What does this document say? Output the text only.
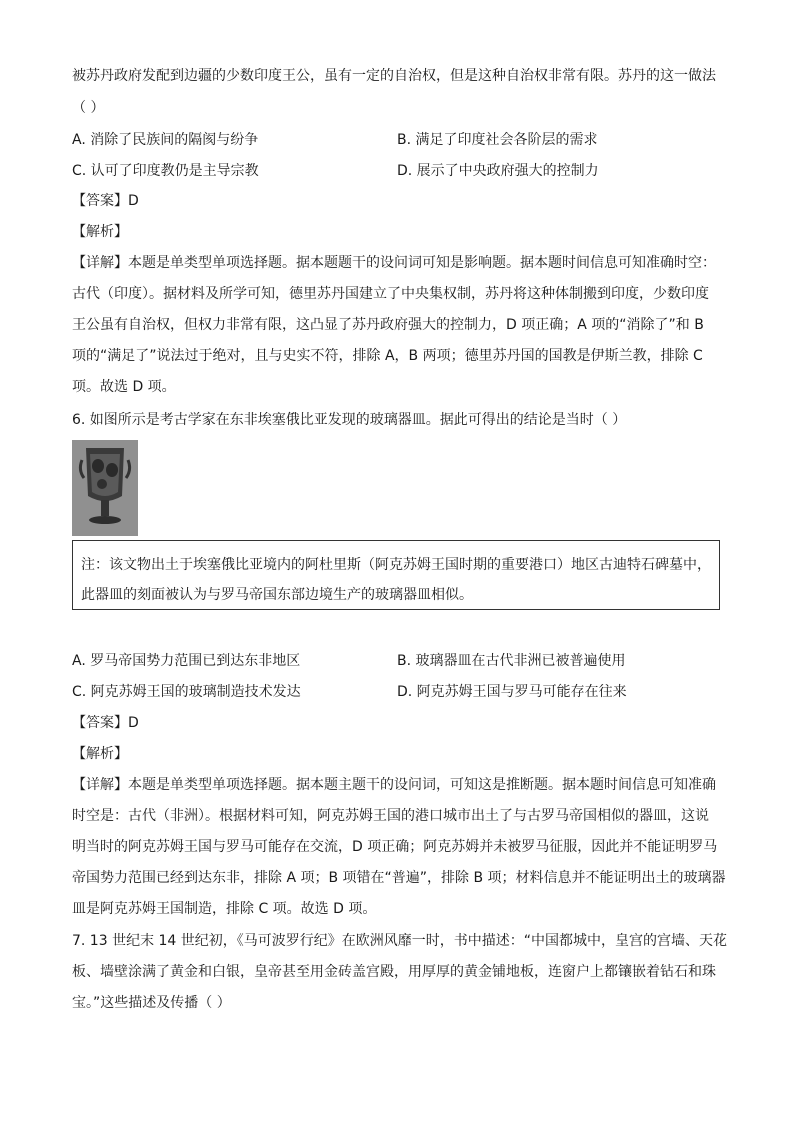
被苏丹政府发配到边疆的少数印度王公，虽有一定的自治权，但是这种自治权非常有限。苏丹的这一做法
（ ）
A. 消除了民族间的隔阂与纷争	B. 满足了印度社会各阶层的需求
C. 认可了印度教仍是主导宗教	D. 展示了中央政府强大的控制力
【答案】D
【解析】
【详解】本题是单类型单项选择题。据本题题干的设问词可知是影响题。据本题时间信息可知准确时空：
古代（印度）。据材料及所学可知，德里苏丹国建立了中央集权制，苏丹将这种体制搬到印度，少数印度
王公虽有自治权，但权力非常有限，这凸显了苏丹政府强大的控制力，D 项正确；A 项的“消除了”和 B
项的“满足了”说法过于绝对，且与史实不符，排除 A，B 两项；德里苏丹国的国教是伊斯兰教，排除 C
项。故选 D 项。
6. 如图所示是考古学家在东非埃塞俄比亚发现的玻璃器皿。据此可得出的结论是当时（ ）
注：该文物出土于埃塞俄比亚境内的阿杜里斯（阿克苏姆王国时期的重要港口）地区古迪特石碑墓中，
此器皿的刻面被认为与罗马帝国东部边境生产的玻璃器皿相似。
A. 罗马帝国势力范围已到达东非地区	B. 玻璃器皿在古代非洲已被普遍使用
C. 阿克苏姆王国的玻璃制造技术发达	D. 阿克苏姆王国与罗马可能存在往来
【答案】D
【解析】
【详解】本题是单类型单项选择题。据本题主题干的设问词，可知这是推断题。据本题时间信息可知准确
时空是：古代（非洲）。根据材料可知，阿克苏姆王国的港口城市出土了与古罗马帝国相似的器皿，这说
明当时的阿克苏姆王国与罗马可能存在交流，D 项正确；阿克苏姆并未被罗马征服，因此并不能证明罗马
帝国势力范围已经到达东非，排除 A 项；B 项错在“普遍”，排除 B 项；材料信息并不能证明出土的玻璃器
皿是阿克苏姆王国制造，排除 C 项。故选 D 项。
7. 13 世纪末 14 世纪初，《马可波罗行纪》在欧洲风靡一时，书中描述：“中国都城中，皇宫的宫墙、天花
板、墙壁涂满了黄金和白银，皇帝甚至用金砖盖宫殿，用厚厚的黄金铺地板，连窗户上都镶嵌着钻石和珠
宝。”这些描述及传播（ ）
